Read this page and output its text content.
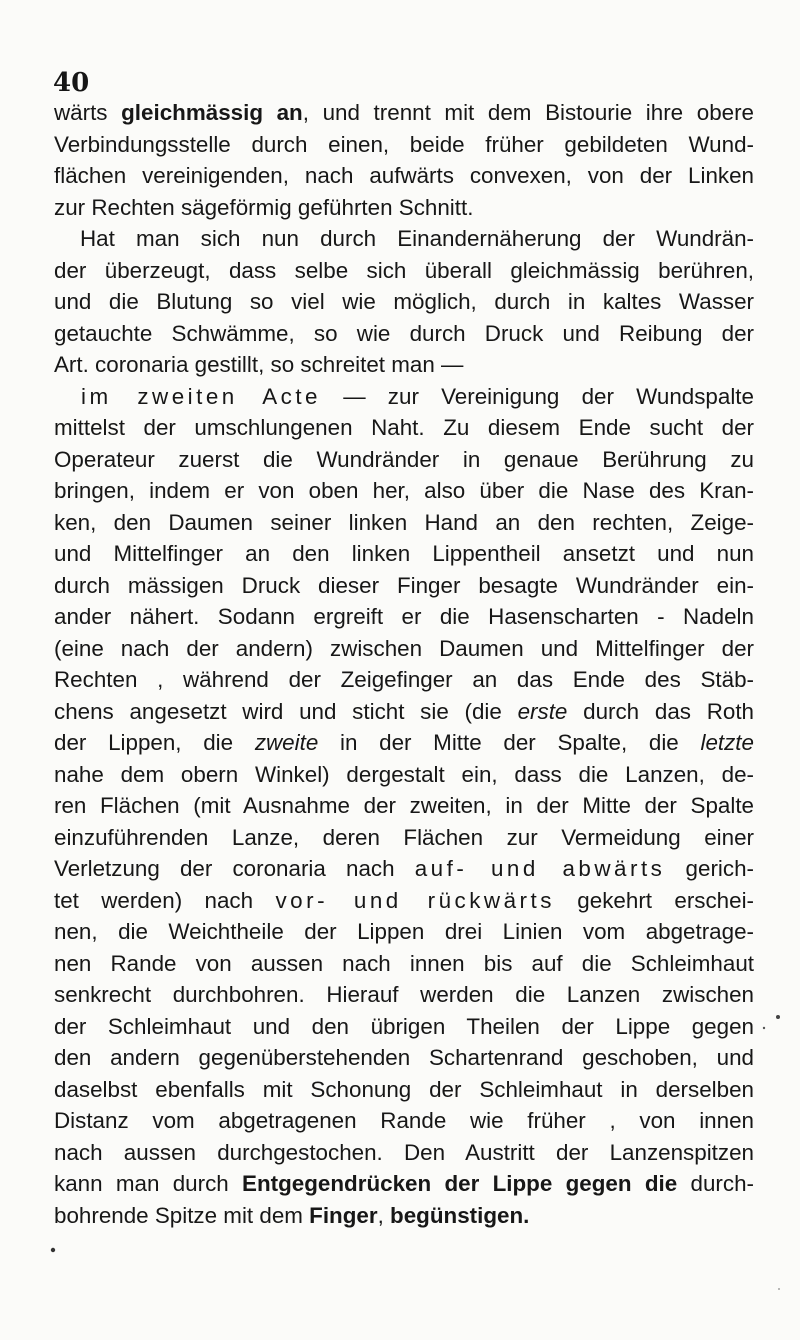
40
wärts gleichmässig an, und trennt mit dem Bistourie ihre obere
Verbindungsstelle durch einen, beide früher gebildeten Wund-
flächen vereinigenden, nach aufwärts convexen, von der Linken
zur Rechten sägeförmig geführten Schnitt.
Hat man sich nun durch Einandernäherung der Wundrän-
der überzeugt, dass selbe sich überall gleichmässig berühren,
und die Blutung so viel wie möglich, durch in kaltes Wasser
getauchte Schwämme, so wie durch Druck und Reibung der
Art. coronaria gestillt, so schreitet man —
im zweiten Acte — zur Vereinigung der Wundspalte
mittelst der umschlungenen Naht. Zu diesem Ende sucht der
Operateur zuerst die Wundränder in genaue Berührung zu
bringen, indem er von oben her, also über die Nase des Kran-
ken, den Daumen seiner linken Hand an den rechten, Zeige-
und Mittelfinger an den linken Lippentheil ansetzt und nun
durch mässigen Druck dieser Finger besagte Wundränder ein-
ander nähert. Sodann ergreift er die Hasenscharten - Nadeln
(eine nach der andern) zwischen Daumen und Mittelfinger der
Rechten , während der Zeigefinger an das Ende des Stäb-
chens angesetzt wird und sticht sie (die erste durch das Roth
der Lippen, die zweite in der Mitte der Spalte, die letzte
nahe dem obern Winkel) dergestalt ein, dass die Lanzen, de-
ren Flächen (mit Ausnahme der zweiten, in der Mitte der Spalte
einzuführenden Lanze, deren Flächen zur Vermeidung einer
Verletzung der coronaria nach auf- und abwärts gerich-
tet werden) nach vor- und rückwärts gekehrt erschei-
nen, die Weichtheile der Lippen drei Linien vom abgetrage-
nen Rande von aussen nach innen bis auf die Schleimhaut
senkrecht durchbohren. Hierauf werden die Lanzen zwischen
der Schleimhaut und den übrigen Theilen der Lippe gegen
den andern gegenüberstehenden Schartenrand geschoben, und
daselbst ebenfalls mit Schonung der Schleimhaut in derselben
Distanz vom abgetragenen Rande wie früher , von innen
nach aussen durchgestochen. Den Austritt der Lanzenspitzen
kann man durch Entgegendrücken der Lippe gegen die durch-
bohrende Spitze mit dem Finger, begünstigen.
